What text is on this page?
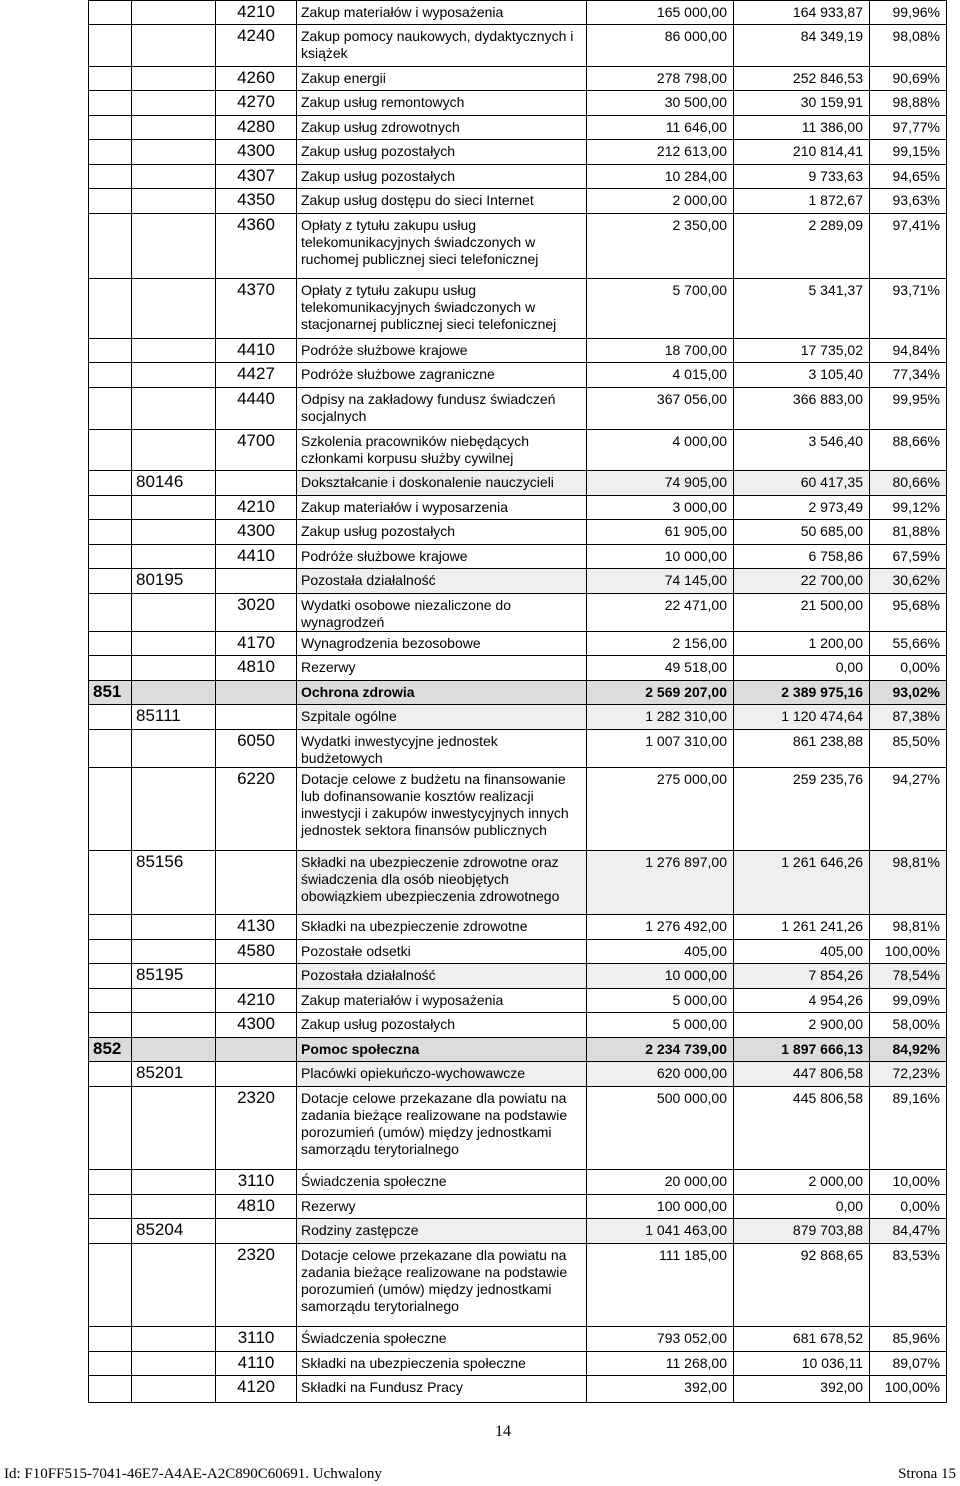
		4210	Zakup materiałów i wyposażenia	165 000,00	164 933,87	99,96%
		4240	Zakup pomocy naukowych, dydaktycznych i książek	86 000,00	84 349,19	98,08%
		4260	Zakup energii	278 798,00	252 846,53	90,69%
		4270	Zakup usług remontowych	30 500,00	30 159,91	98,88%
		4280	Zakup usług zdrowotnych	11 646,00	11 386,00	97,77%
		4300	Zakup usług pozostałych	212 613,00	210 814,41	99,15%
		4307	Zakup usług pozostałych	10 284,00	9 733,63	94,65%
		4350	Zakup usług dostępu do sieci Internet	2 000,00	1 872,67	93,63%
		4360	Opłaty z tytułu zakupu usług telekomunikacyjnych świadczonych w ruchomej publicznej sieci telefonicznej	2 350,00	2 289,09	97,41%
		4370	Opłaty z tytułu zakupu usług telekomunikacyjnych świadczonych w stacjonarnej publicznej sieci telefonicznej	5 700,00	5 341,37	93,71%
		4410	Podróże służbowe krajowe	18 700,00	17 735,02	94,84%
		4427	Podróże służbowe zagraniczne	4 015,00	3 105,40	77,34%
		4440	Odpisy na zakładowy fundusz świadczeń socjalnych	367 056,00	366 883,00	99,95%
		4700	Szkolenia pracowników niebędących członkami korpusu służby cywilnej	4 000,00	3 546,40	88,66%
	80146		Dokształcanie i doskonalenie nauczycieli	74 905,00	60 417,35	80,66%
		4210	Zakup materiałów i wyposarzenia	3 000,00	2 973,49	99,12%
		4300	Zakup usług pozostałych	61 905,00	50 685,00	81,88%
		4410	Podróże służbowe krajowe	10 000,00	6 758,86	67,59%
	80195		Pozostała działalność	74 145,00	22 700,00	30,62%
		3020	Wydatki osobowe niezaliczone do wynagrodzeń	22 471,00	21 500,00	95,68%
		4170	Wynagrodzenia bezosobowe	2 156,00	1 200,00	55,66%
		4810	Rezerwy	49 518,00	0,00	0,00%
851			Ochrona zdrowia	2 569 207,00	2 389 975,16	93,02%
	85111		Szpitale ogólne	1 282 310,00	1 120 474,64	87,38%
		6050	Wydatki inwestycyjne jednostek budżetowych	1 007 310,00	861 238,88	85,50%
		6220	Dotacje celowe z budżetu na finansowanie lub dofinansowanie kosztów realizacji inwestycji i zakupów inwestycyjnych innych jednostek sektora finansów publicznych	275 000,00	259 235,76	94,27%
	85156		Składki na ubezpieczenie zdrowotne oraz świadczenia dla osób nieobjętych obowiązkiem ubezpieczenia zdrowotnego	1 276 897,00	1 261 646,26	98,81%
		4130	Składki na ubezpieczenie zdrowotne	1 276 492,00	1 261 241,26	98,81%
		4580	Pozostałe odsetki	405,00	405,00	100,00%
	85195		Pozostała działalność	10 000,00	7 854,26	78,54%
		4210	Zakup materiałów i wyposażenia	5 000,00	4 954,26	99,09%
		4300	Zakup usług pozostałych	5 000,00	2 900,00	58,00%
852			Pomoc społeczna	2 234 739,00	1 897 666,13	84,92%
	85201		Placówki opiekuńczo-wychowawcze	620 000,00	447 806,58	72,23%
		2320	Dotacje celowe przekazane dla powiatu na zadania bieżące realizowane na podstawie porozumień (umów) między jednostkami samorządu terytorialnego	500 000,00	445 806,58	89,16%
		3110	Świadczenia społeczne	20 000,00	2 000,00	10,00%
		4810	Rezerwy	100 000,00	0,00	0,00%
	85204		Rodziny zastępcze	1 041 463,00	879 703,88	84,47%
		2320	Dotacje celowe przekazane dla powiatu na zadania bieżące realizowane na podstawie porozumień (umów) między jednostkami samorządu terytorialnego	111 185,00	92 868,65	83,53%
		3110	Świadczenia społeczne	793 052,00	681 678,52	85,96%
		4110	Składki na ubezpieczenia społeczne	11 268,00	10 036,11	89,07%
		4120	Składki na Fundusz Pracy	392,00	392,00	100,00%
14
Id: F10FF515-7041-46E7-A4AE-A2C890C60691. Uchwalony	Strona 15
